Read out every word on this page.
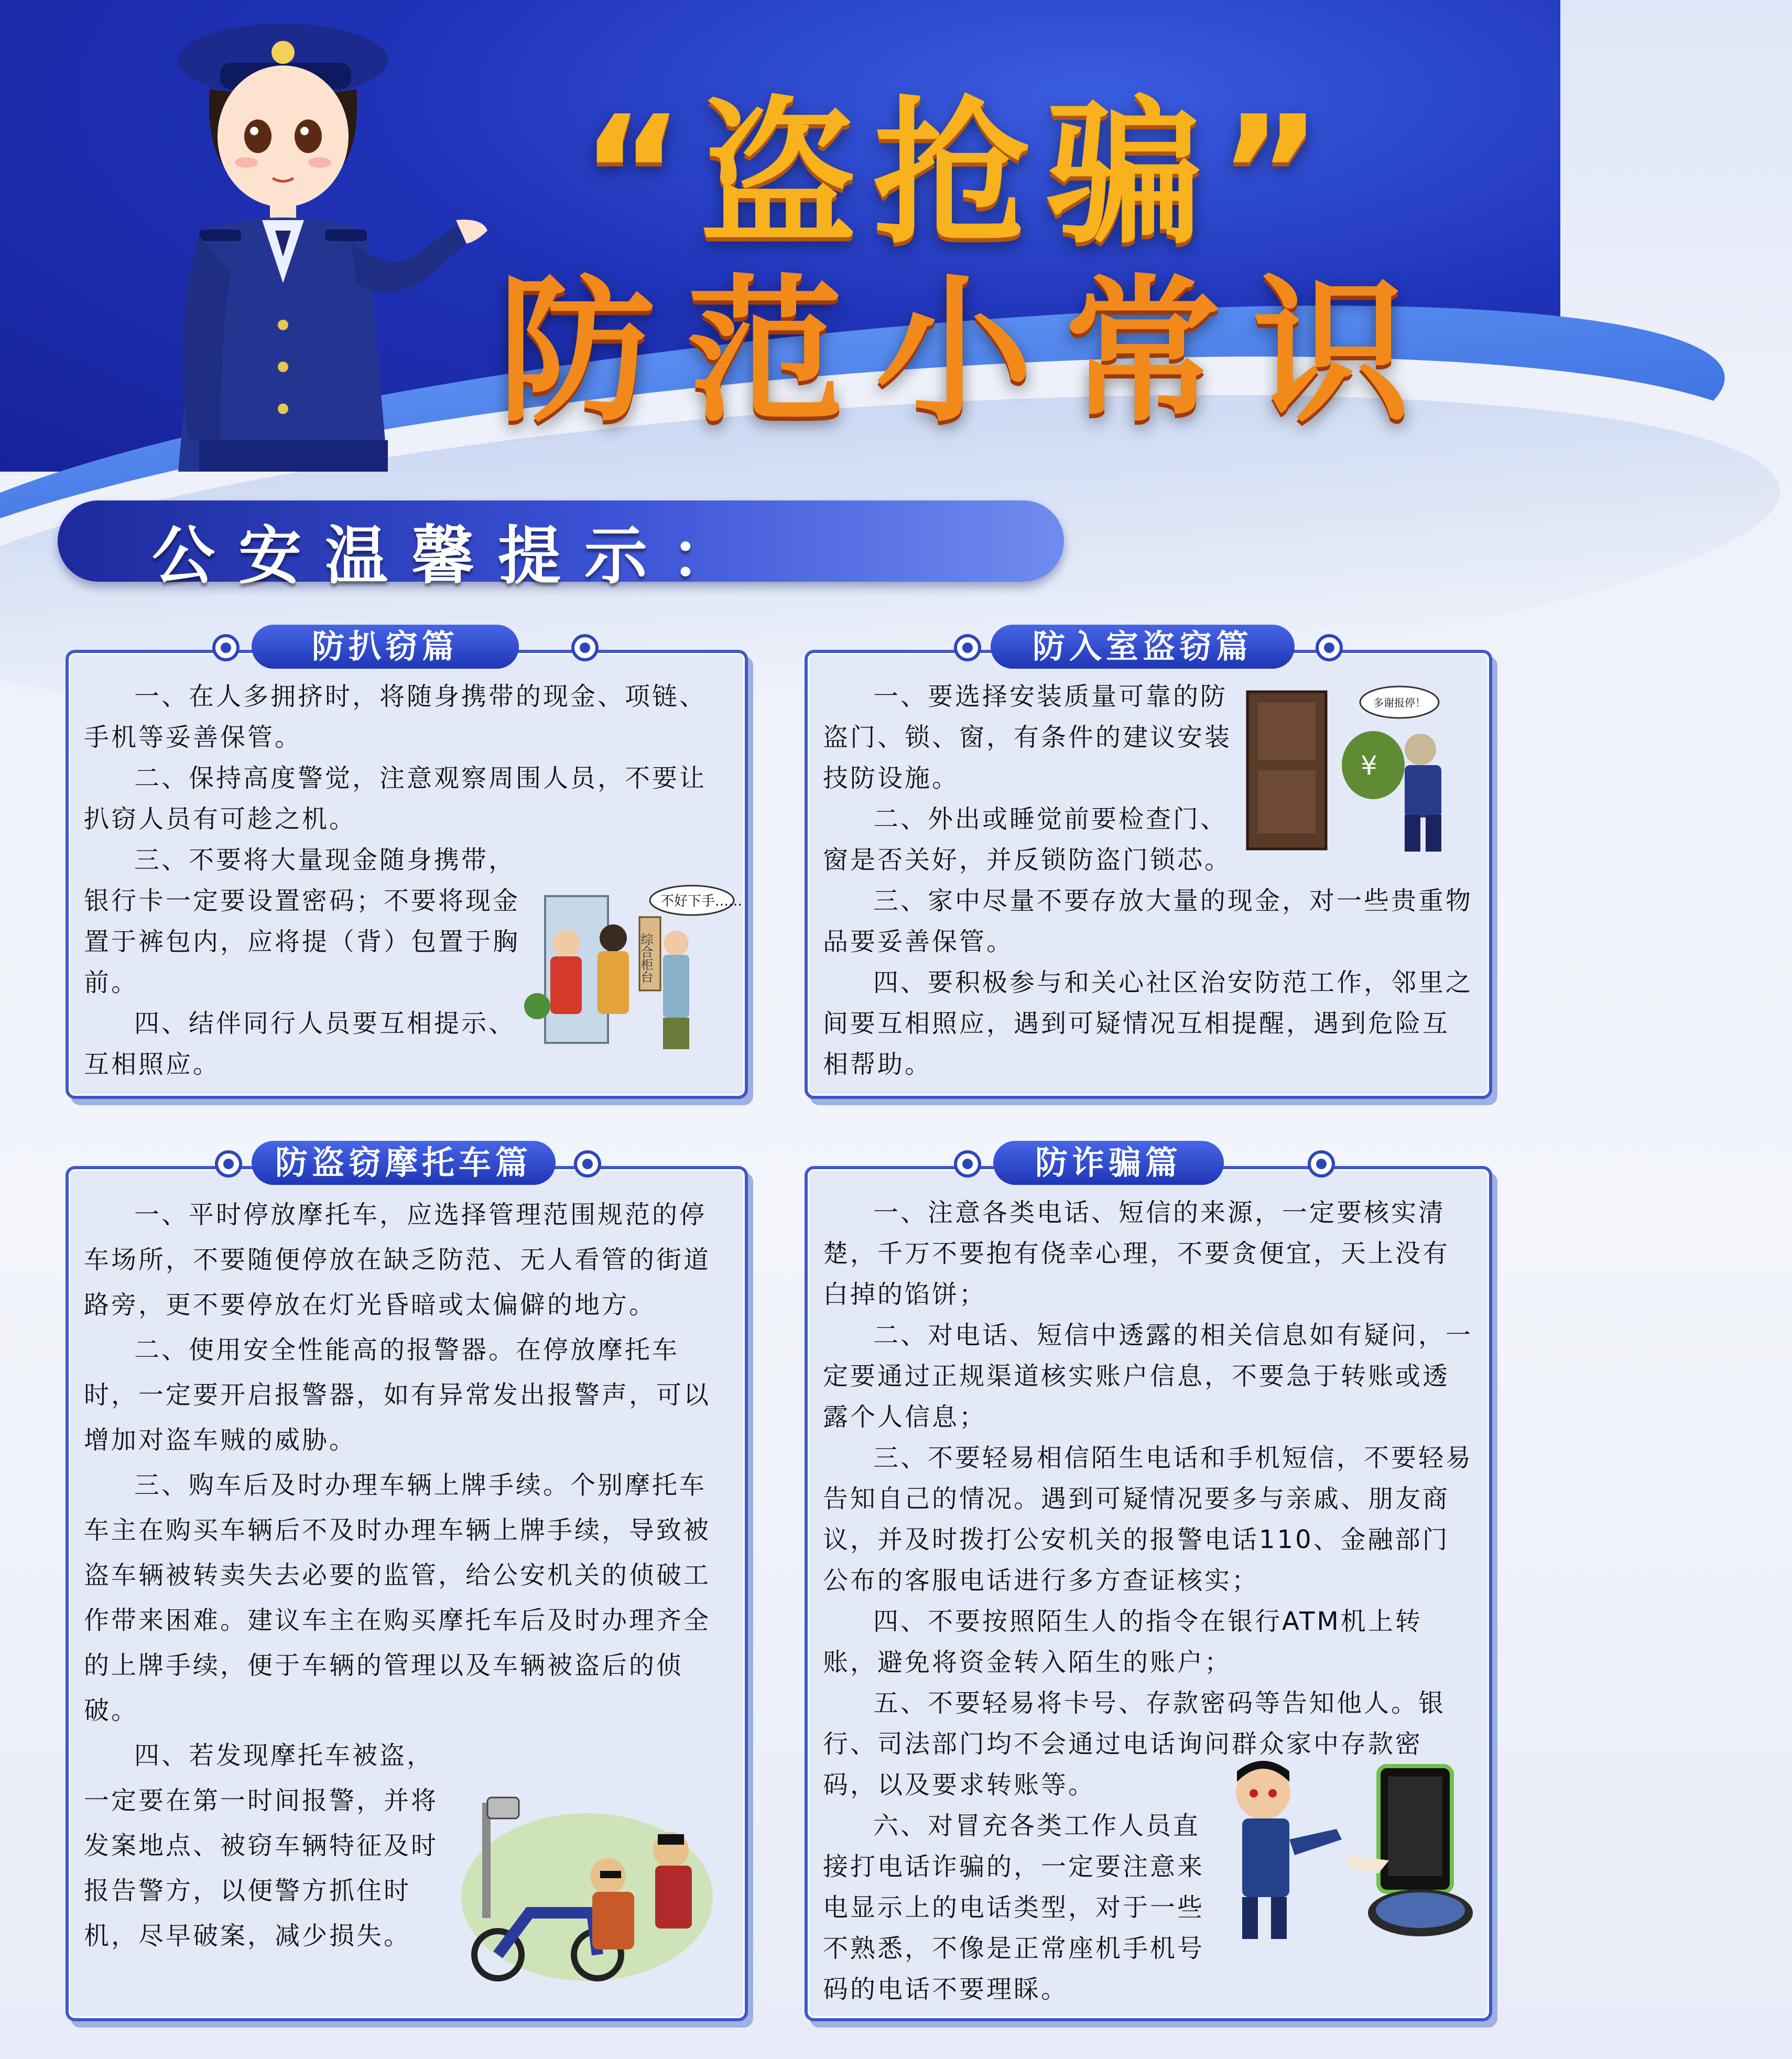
“盗抢骗”
防范小常识
公安温馨提示：
防扒窃篇

一、在人多拥挤时，将随身携带的现金、项链、手机等妥善保管。

二、保持高度警觉，注意观察周围人员，不要让扒窃人员有可趁之机。

三、不要将大量现金随身携带，银行卡一定要设置密码；不要将现金置于裤包内，应将提（背）包置于胸前。

四、结伴同行人员要互相提示、互相照应。

不好下手……
综合柜台
防入室盗窃篇

一、要选择安装质量可靠的防盗门、锁、窗，有条件的建议安装技防设施。

二、外出或睡觉前要检查门、窗是否关好，并反锁防盗门锁芯。

三、家中尽量不要存放大量的现金，对一些贵重物品要妥善保管。

四、要积极参与和关心社区治安防范工作，邻里之间要互相照应，遇到可疑情况互相提醒，遇到危险互相帮助。

多谢报停！
¥
防盗窃摩托车篇

一、平时停放摩托车，应选择管理范围规范的停车场所，不要随便停放在缺乏防范、无人看管的街道路旁，更不要停放在灯光昏暗或太偏僻的地方。

二、使用安全性能高的报警器。在停放摩托车时，一定要开启报警器，如有异常发出报警声，可以增加对盗车贼的威胁。

三、购车后及时办理车辆上牌手续。个别摩托车车主在购买车辆后不及时办理车辆上牌手续，导致被盗车辆被转卖失去必要的监管，给公安机关的侦破工作带来困难。建议车主在购买摩托车后及时办理齐全的上牌手续，便于车辆的管理以及车辆被盗后的侦破。

四、若发现摩托车被盗，一定要在第一时间报警，并将发案地点、被窃车辆特征及时报告警方，以便警方抓住时机，尽早破案，减少损失。

防诈骗篇

一、注意各类电话、短信的来源，一定要核实清楚，千万不要抱有侥幸心理，不要贪便宜，天上没有白掉的馅饼；

二、对电话、短信中透露的相关信息如有疑问，一定要通过正规渠道核实账户信息，不要急于转账或透露个人信息；

三、不要轻易相信陌生电话和手机短信，不要轻易告知自己的情况。遇到可疑情况要多与亲戚、朋友商议，并及时拨打公安机关的报警电话110、金融部门公布的客服电话进行多方查证核实；

四、不要按照陌生人的指令在银行ATM机上转账，避免将资金转入陌生的账户；

五、不要轻易将卡号、存款密码等告知他人。银行、司法部门均不会通过电话询问群众家中存款密码，以及要求转账等。

六、对冒充各类工作人员直接打电话诈骗的，一定要注意来电显示上的电话类型，对于一些不熟悉，不像是正常座机手机号码的电话不要理睬。
